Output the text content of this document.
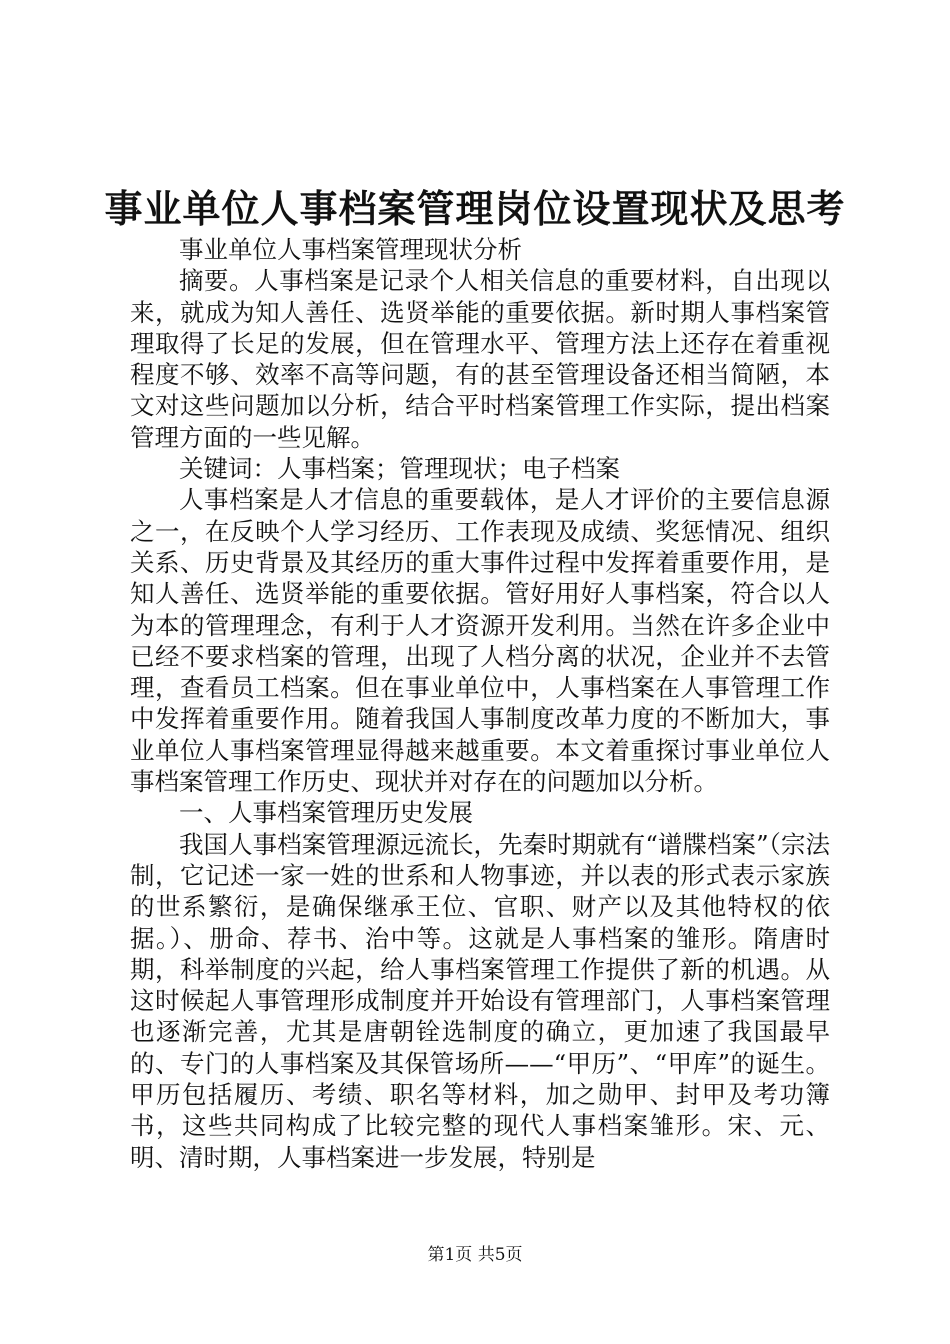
事业单位人事档案管理岗位设置现状及思考

事业单位人事档案管理现状分析

摘要。人事档案是记录个人相关信息的重要材料，自出现以来，就成为知人善任、选贤举能的重要依据。新时期人事档案管理取得了长足的发展，但在管理水平、管理方法上还存在着重视程度不够、效率不高等问题，有的甚至管理设备还相当简陋，本文对这些问题加以分析，结合平时档案管理工作实际，提出档案管理方面的一些见解。

关键词：人事档案；管理现状；电子档案

人事档案是人才信息的重要载体，是人才评价的主要信息源之一，在反映个人学习经历、工作表现及成绩、奖惩情况、组织关系、历史背景及其经历的重大事件过程中发挥着重要作用，是知人善任、选贤举能的重要依据。管好用好人事档案，符合以人为本的管理理念，有利于人才资源开发利用。当然在许多企业中已经不要求档案的管理，出现了人档分离的状况，企业并不去管理，查看员工档案。但在事业单位中，人事档案在人事管理工作中发挥着重要作用。随着我国人事制度改革力度的不断加大，事业单位人事档案管理显得越来越重要。本文着重探讨事业单位人事档案管理工作历史、现状并对存在的问题加以分析。

一、人事档案管理历史发展

我国人事档案管理源远流长，先秦时期就有“谱牒档案”（宗法制，它记述一家一姓的世系和人物事迹，并以表的形式表示家族的世系繁衍，是确保继承王位、官职、财产以及其他特权的依据。）、册命、荐书、治中等。这就是人事档案的雏形。隋唐时期，科举制度的兴起，给人事档案管理工作提供了新的机遇。从这时候起人事管理形成制度并开始设有管理部门，人事档案管理也逐渐完善，尤其是唐朝铨选制度的确立，更加速了我国最早的、专门的人事档案及其保管场所——“甲历”、“甲库”的诞生。甲历包括履历、考绩、职名等材料，加之勋甲、封甲及考功簿书，这些共同构成了比较完整的现代人事档案雏形。宋、元、明、清时期，人事档案进一步发展，特别是

第1页 共5页
